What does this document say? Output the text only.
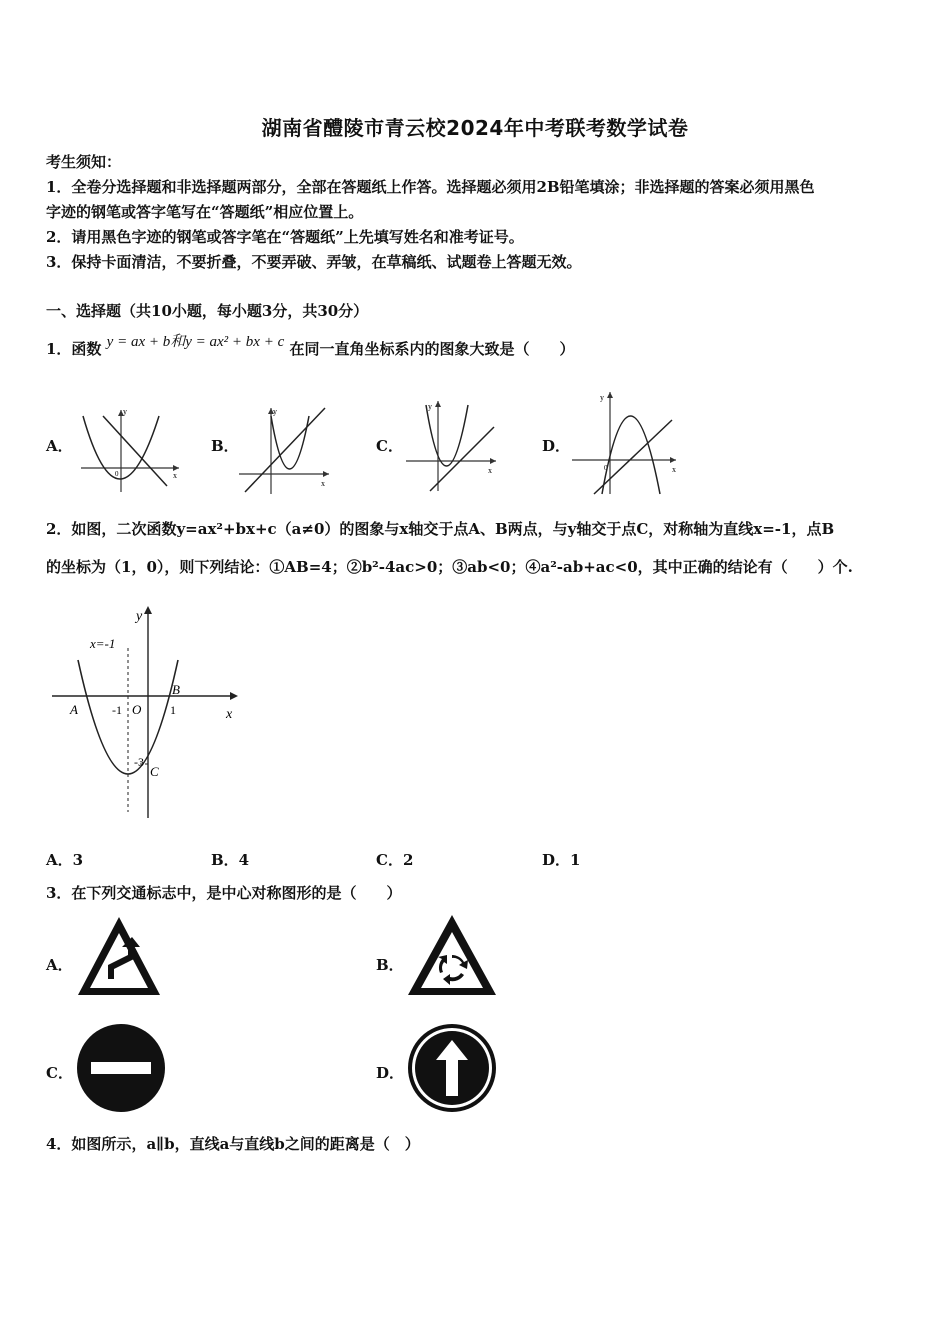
湖南省醴陵市青云校2024年中考联考数学试卷
考生须知：
1．全卷分选择题和非选择题两部分，全部在答题纸上作答。选择题必须用2B铅笔填涂；非选择题的答案必须用黑色
字迹的钢笔或答字笔写在“答题纸”相应位置上。
2．请用黑色字迹的钢笔或答字笔在“答题纸”上先填写姓名和准考证号。
3．保持卡面清洁，不要折叠，不要弄破、弄皱，在草稿纸、试题卷上答题无效。
一、选择题（共10小题，每小题3分，共30分）
1．函数 y = ax + b和y = ax² + bx + c 在同一直角坐标系内的图象大致是（　　）
A．
y
x
0
B．
y
x
C．
y
x
D．
y
x
0
2．如图，二次函数y=ax²+bx+c（a≠0）的图象与x轴交于点A、B两点，与y轴交于点C，对称轴为直线x=-1，点B
的坐标为（1，0），则下列结论：①AB=4；②b²-4ac>0；③ab<0；④a²-ab+ac<0，其中正确的结论有（　　）个.
x=-1
y
x
A
B
O
-1	1
-3
C
A．3	B．4	C．2	D．1
3．在下列交通标志中，是中心对称图形的是（　　）
A．	B．
C．	D．
4．如图所示，a∥b，直线a与直线b之间的距离是（　）
